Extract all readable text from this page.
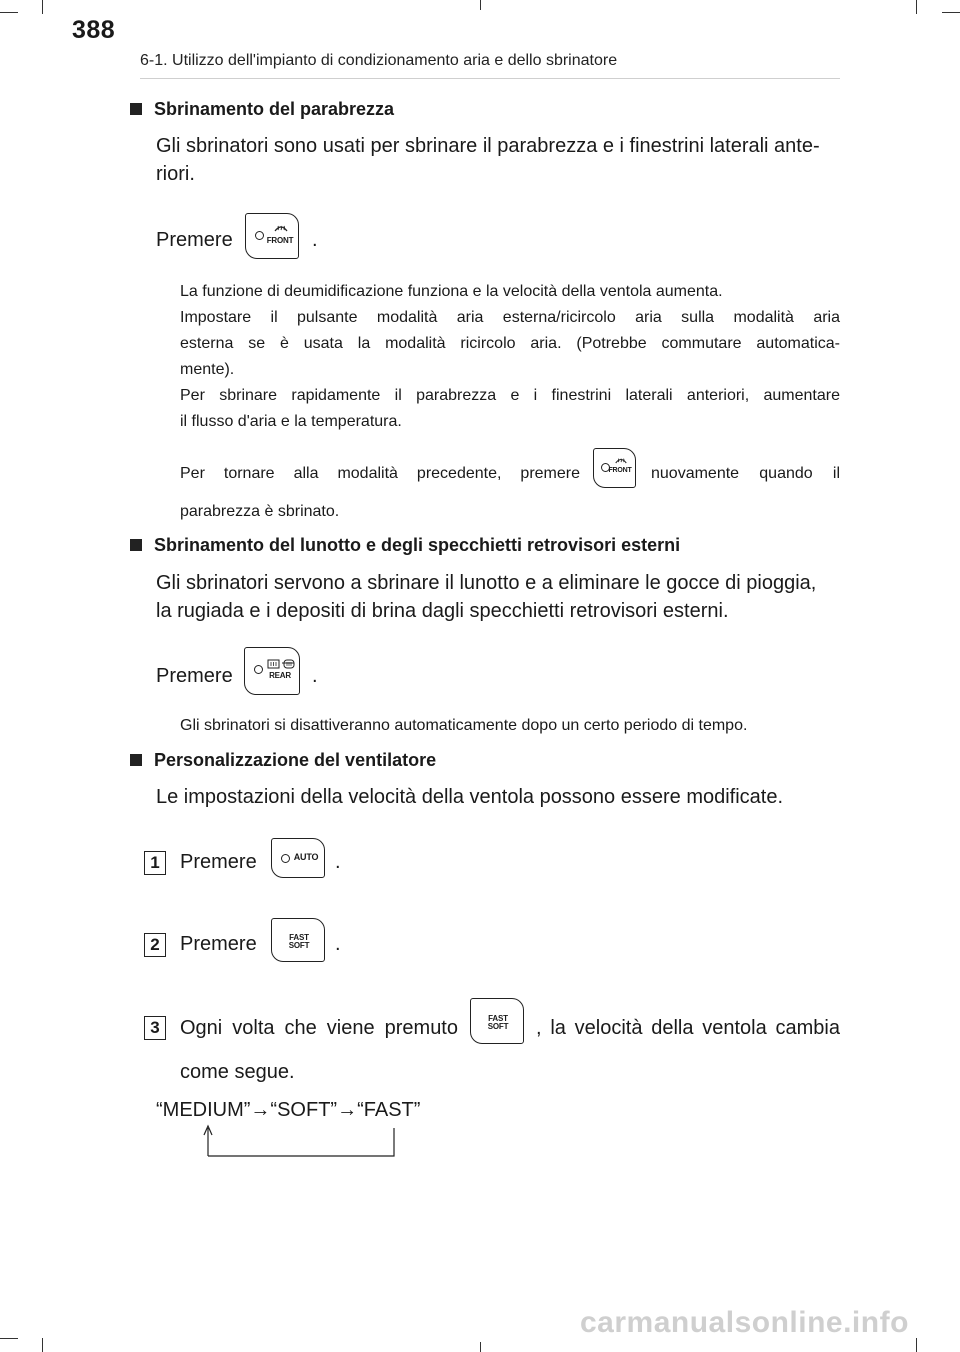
388
6-1. Utilizzo dell'impianto di condizionamento aria e dello sbrinatore
Sbrinamento del parabrezza
Gli sbrinatori sono usati per sbrinare il parabrezza e i finestrini laterali ante-
riori.
Premere	FRONT .
La funzione di deumidificazione funziona e la velocità della ventola aumenta.
Impostare il pulsante modalità aria esterna/ricircolo aria sulla modalità aria
esterna se è usata la modalità ricircolo aria. (Potrebbe commutare automatica-
mente).
Per sbrinare rapidamente il parabrezza e i finestrini laterali anteriori, aumentare
il flusso d'aria e la temperatura.
Per tornare alla modalità precedente, premere	FRONT nuovamente quando il
parabrezza è sbrinato.
Sbrinamento del lunotto e degli specchietti retrovisori esterni
Gli sbrinatori servono a sbrinare il lunotto e a eliminare le gocce di pioggia,
la rugiada e i depositi di brina dagli specchietti retrovisori esterni.
Premere	REAR	.
Gli sbrinatori si disattiveranno automaticamente dopo un certo periodo di tempo.
Personalizzazione del ventilatore
Le impostazioni della velocità della ventola possono essere modificate.
1	Premere	AUTO .
2	Premere	FAST
SOFT .
3	Ogni volta che viene premuto	FAST
SOFT , la velocità della ventola cambia
come segue.
“MEDIUM”→“SOFT”→“FAST”
carmanualsonline.info
